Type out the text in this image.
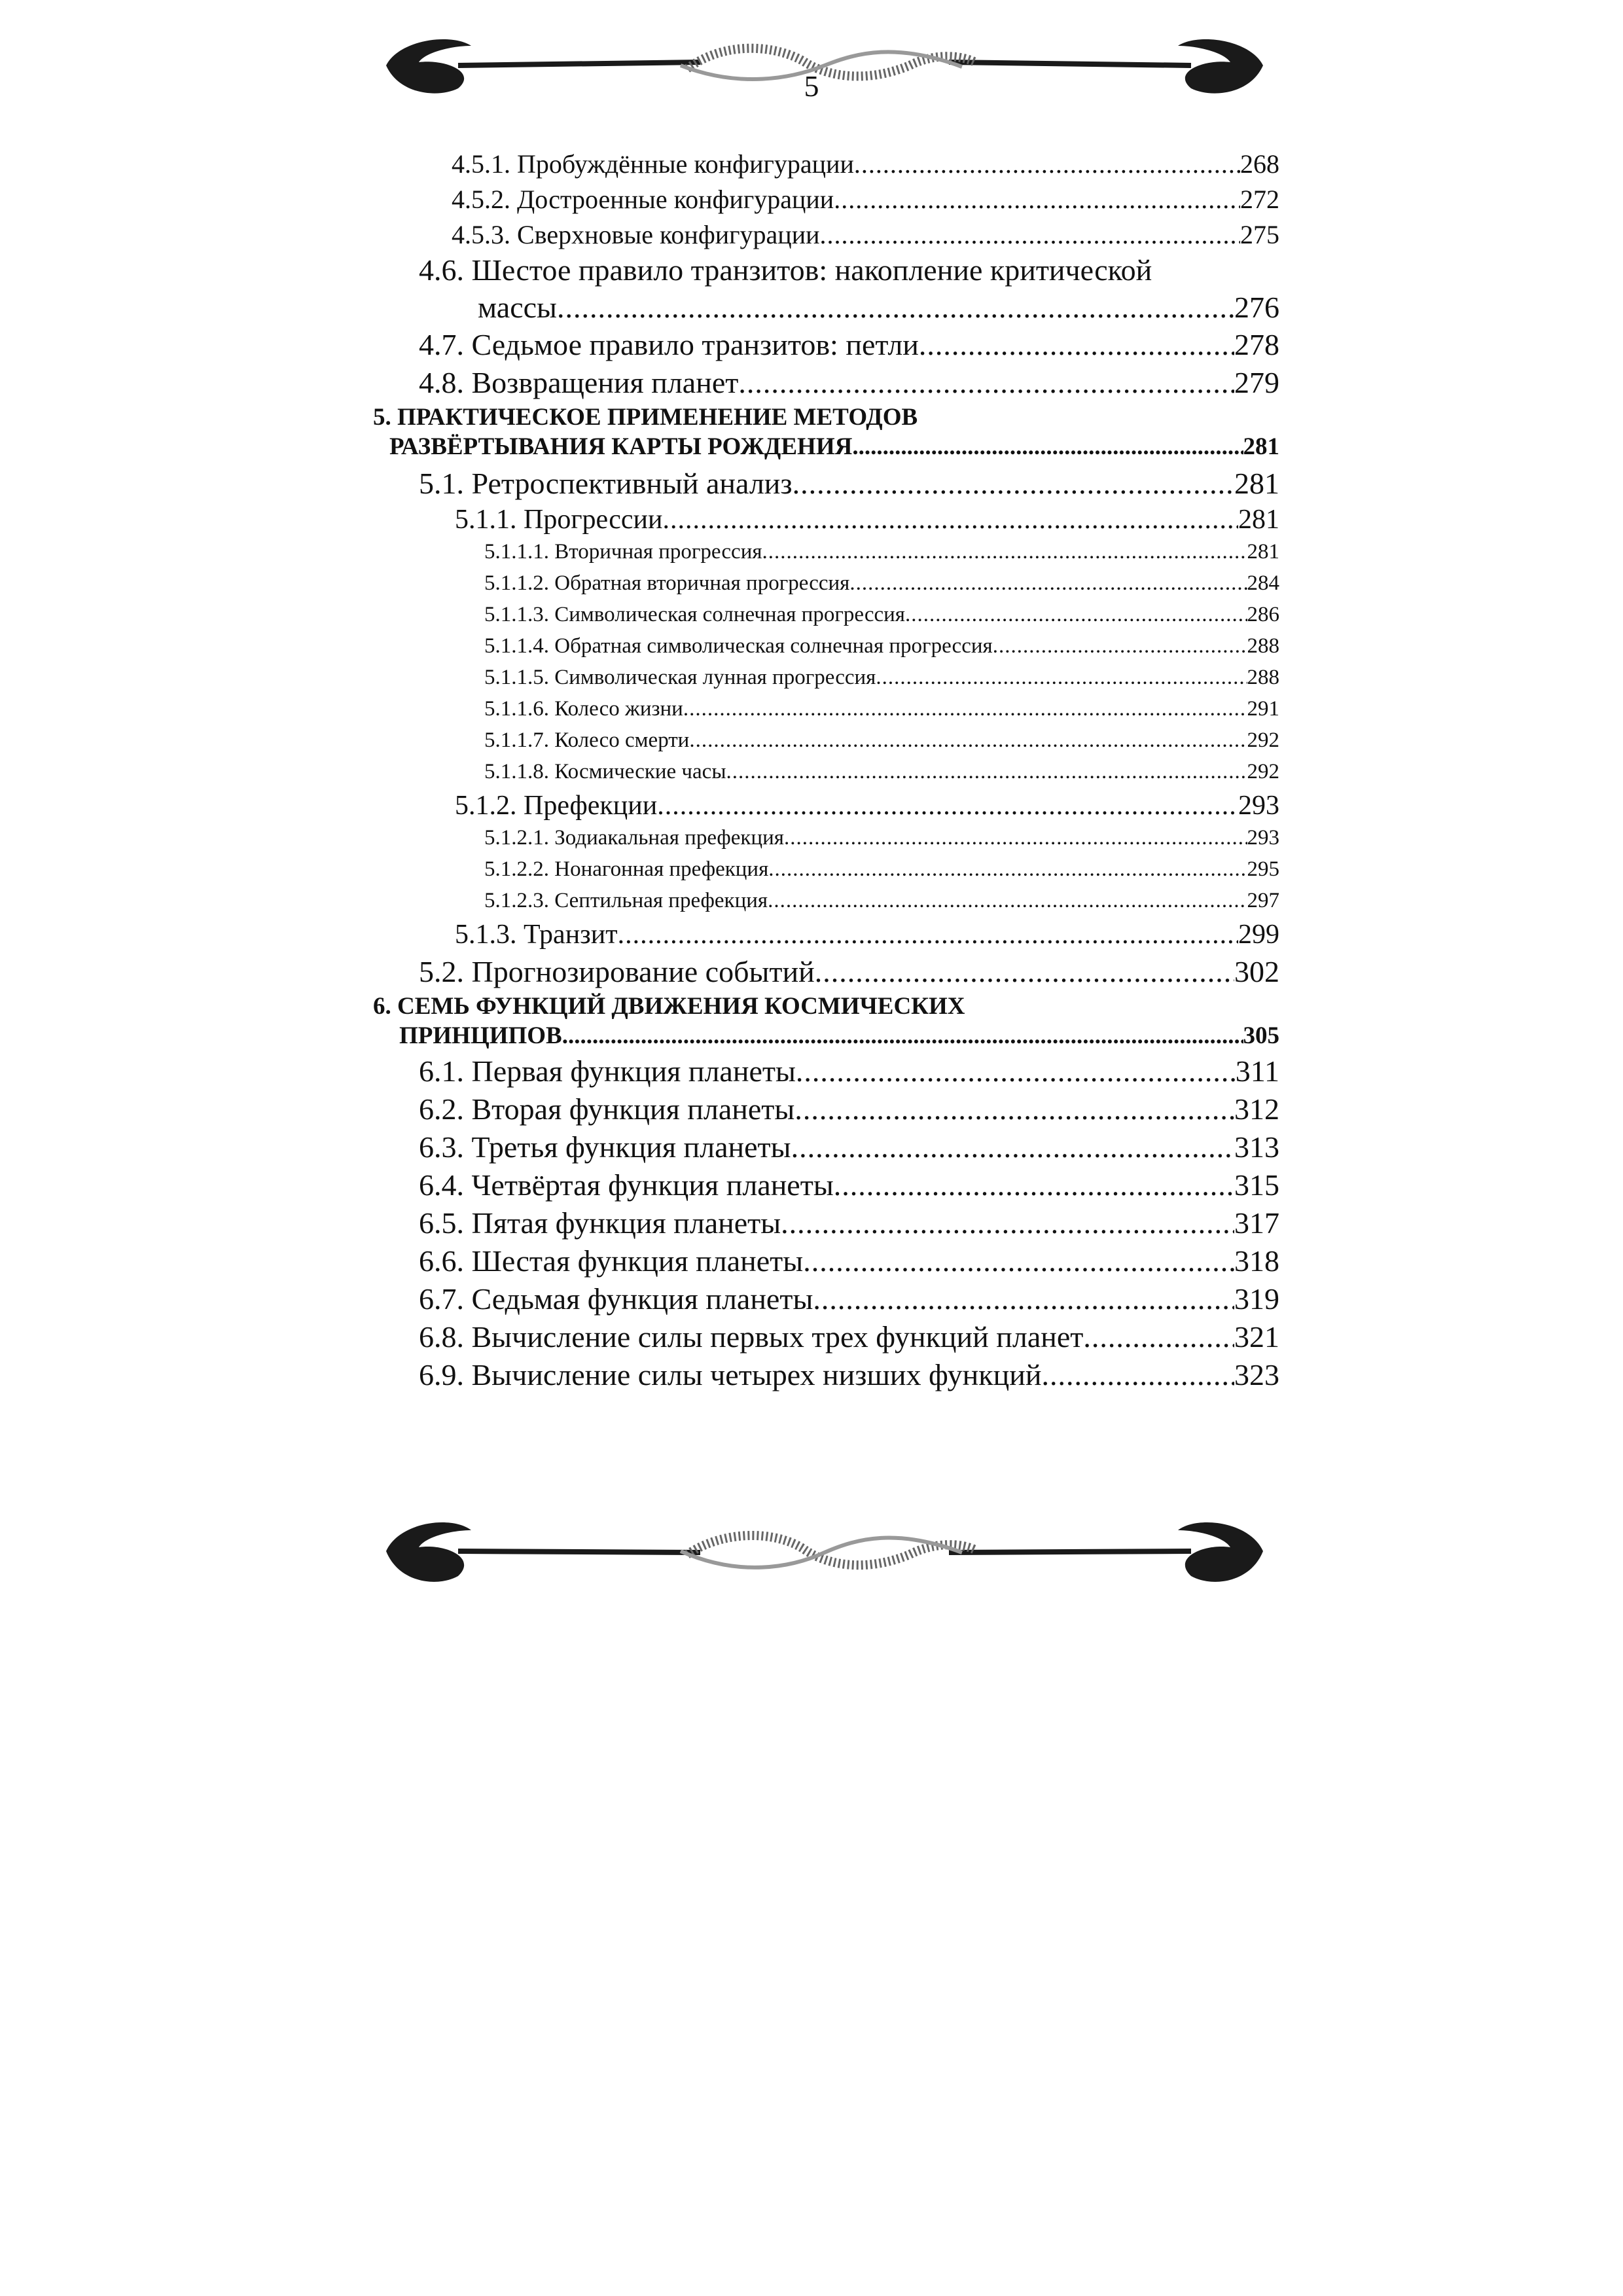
5
4.5.1. Пробуждённые конфигурации .....	268
4.5.2. Достроенные конфигурации .....	272
4.5.3. Сверхновые конфигурации .....	275
4.6. Шестое правило транзитов: накопление критической
массы .....	276
4.7. Седьмое правило транзитов: петли .....	278
4.8. Возвращения планет .....	279
5. ПРАКТИЧЕСКОЕ ПРИМЕНЕНИЕ МЕТОДОВ
РАЗВЁРТЫВАНИЯ КАРТЫ РОЖДЕНИЯ .....	281
5.1. Ретроспективный анализ .....	281
5.1.1. Прогрессии .....	281
5.1.1.1. Вторичная прогрессия .....	281
5.1.1.2. Обратная вторичная прогрессия .....	284
5.1.1.3. Символическая солнечная прогрессия .....	286
5.1.1.4. Обратная символическая солнечная прогрессия .....	288
5.1.1.5. Символическая лунная прогрессия .....	288
5.1.1.6. Колесо жизни .....	291
5.1.1.7. Колесо смерти .....	292
5.1.1.8. Космические часы .....	292
5.1.2. Префекции .....	293
5.1.2.1. Зодиакальная префекция .....	293
5.1.2.2. Нонагонная префекция .....	295
5.1.2.3. Септильная префекция .....	297
5.1.3. Транзит .....	299
5.2. Прогнозирование событий .....	302
6. СЕМЬ ФУНКЦИЙ ДВИЖЕНИЯ КОСМИЧЕСКИХ
ПРИНЦИПОВ .....	305
6.1. Первая функция планеты .....	311
6.2. Вторая функция планеты .....	312
6.3. Третья функция планеты .....	313
6.4. Четвёртая функция планеты .....	315
6.5. Пятая функция планеты .....	317
6.6. Шестая функция планеты .....	318
6.7. Седьмая функция планеты .....	319
6.8. Вычисление силы первых трех функций планет .....	321
6.9. Вычисление силы четырех низших функций .....	323
